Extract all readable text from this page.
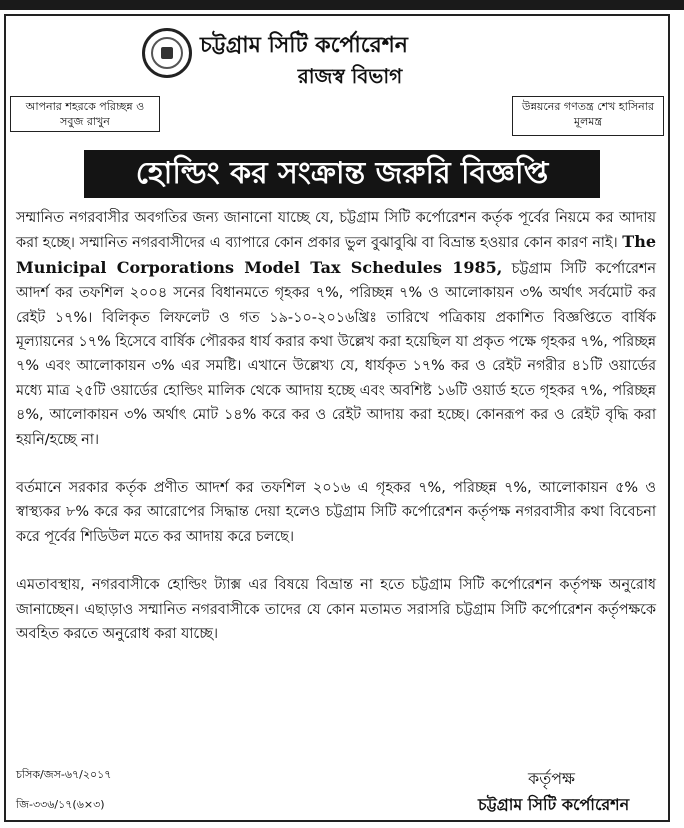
চট্টগ্রাম সিটি কর্পোরেশন
রাজস্ব বিভাগ
আপনার শহরকে পরিচ্ছন্ন ও সবুজ রাখুন
উন্নয়নের গণতন্ত্র শেখ হাসিনার মূলমন্ত্র
হোল্ডিং কর সংক্রান্ত জরুরি বিজ্ঞপ্তি

সম্মানিত নগরবাসীর অবগতির জন্য জানানো যাচ্ছে যে, চট্টগ্রাম সিটি কর্পোরেশন কর্তৃক পূর্বের নিয়মে কর আদায় করা হচ্ছে। সম্মানিত নগরবাসীদের এ ব্যাপারে কোন প্রকার ভুল বুঝাবুঝি বা বিভ্রান্ত হওয়ার কোন কারণ নাই। The Municipal Corporations Model Tax Schedules 1985, চট্টগ্রাম সিটি কর্পোরেশন আদর্শ কর তফশিল ২০০৪ সনের বিধানমতে গৃহকর ৭%, পরিচ্ছন্ন ৭% ও আলোকায়ন ৩% অর্থাৎ সর্বমোট কর রেইট ১৭%। বিলিকৃত লিফলেট ও গত ১৯-১০-২০১৬খ্রিঃ তারিখে পত্রিকায় প্রকাশিত বিজ্ঞপ্তিতে বার্ষিক মূল্যায়নের ১৭% হিসেবে বার্ষিক পৌরকর ধার্য করার কথা উল্লেখ করা হয়েছিল যা প্রকৃত পক্ষে গৃহকর ৭%, পরিচ্ছন্ন ৭% এবং আলোকায়ন ৩% এর সমষ্টি। এখানে উল্লেখ্য যে, ধার্যকৃত ১৭% কর ও রেইট নগরীর ৪১টি ওয়ার্ডের মধ্যে মাত্র ২৫টি ওয়ার্ডের হোল্ডিং মালিক থেকে আদায় হচ্ছে এবং অবশিষ্ট ১৬টি ওয়ার্ড হতে গৃহকর ৭%, পরিচ্ছন্ন ৪%, আলোকায়ন ৩% অর্থাৎ মোট ১৪% করে কর ও রেইট আদায় করা হচ্ছে। কোনরূপ কর ও রেইট বৃদ্ধি করা হয়নি/হচ্ছে না।

বর্তমানে সরকার কর্তৃক প্রণীত আদর্শ কর তফশিল ২০১৬ এ গৃহকর ৭%, পরিচ্ছন্ন ৭%, আলোকায়ন ৫% ও স্বাস্থ্যকর ৮% করে কর আরোপের সিদ্ধান্ত দেয়া হলেও চট্টগ্রাম সিটি কর্পোরেশন কর্তৃপক্ষ নগরবাসীর কথা বিবেচনা করে পূর্বের শিডিউল মতে কর আদায় করে চলছে।

এমতাবস্থায়, নগরবাসীকে হোল্ডিং ট্যাক্স এর বিষয়ে বিভ্রান্ত না হতে চট্টগ্রাম সিটি কর্পোরেশন কর্তৃপক্ষ অনুরোধ জানাচ্ছেন। এছাড়াও সম্মানিত নগরবাসীকে তাদের যে কোন মতামত সরাসরি চট্টগ্রাম সিটি কর্পোরেশন কর্তৃপক্ষকে অবহিত করতে অনুরোধ করা যাচ্ছে।

চসিক/জস-৬৭/২০১৭
জি-৩৩৬/১৭(৬×৩)
কর্তৃপক্ষ
চট্টগ্রাম সিটি কর্পোরেশন
